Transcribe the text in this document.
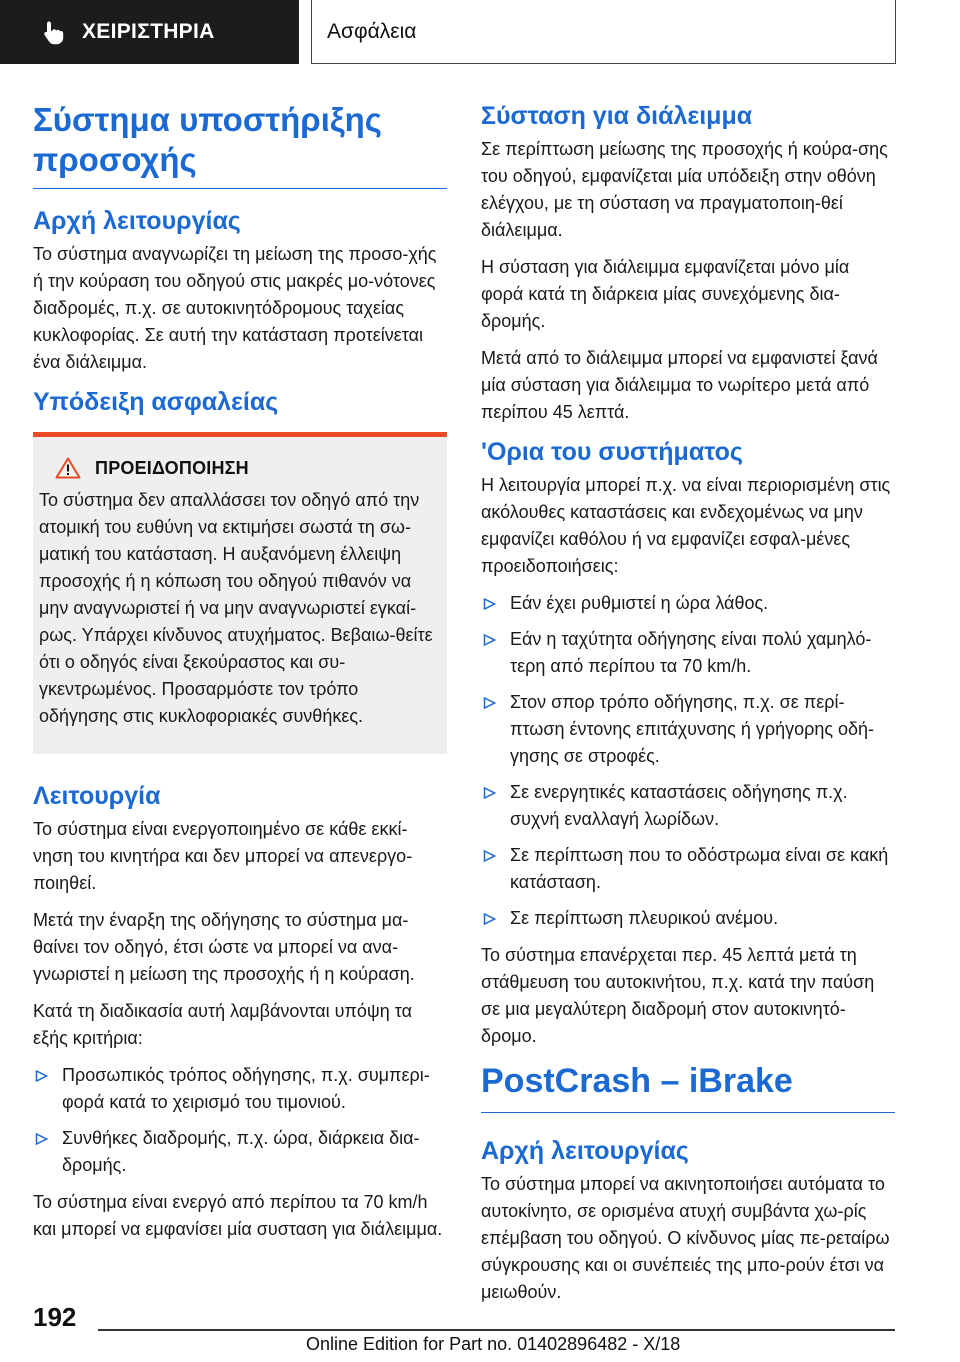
ΧΕΙΡΙΣΤΗΡΙΑ	Ασφάλεια
Σύστημα υποστήριξης προσοχής
Αρχή λειτουργίας

Το σύστημα αναγνωρίζει τη μείωση της προσο-χής ή την κούραση του οδηγού στις μακρές μο-νότονες διαδρομές, π.χ. σε αυτοκινητόδρομους ταχείας κυκλοφορίας. Σε αυτή την κατάσταση προτείνεται ένα διάλειμμα.

Υπόδειξη ασφαλείας
ΠΡΟΕΙΔΟΠΟΙΗΣΗ

Το σύστημα δεν απαλλάσσει τον οδηγό από την ατομική του ευθύνη να εκτιμήσει σωστά τη σω-ματική του κατάσταση. Η αυξανόμενη έλλειψη προσοχής ή η κόπωση του οδηγού πιθανόν να μην αναγνωριστεί ή να μην αναγνωριστεί εγκαί-ρως. Υπάρχει κίνδυνος ατυχήματος. Βεβαιω-θείτε ότι ο οδηγός είναι ξεκούραστος και συ-γκεντρωμένος. Προσαρμόστε τον τρόπο οδήγησης στις κυκλοφοριακές συνθήκες.

Λειτουργία

Το σύστημα είναι ενεργοποιημένο σε κάθε εκκί-νηση του κινητήρα και δεν μπορεί να απενεργο-ποιηθεί.

Μετά την έναρξη της οδήγησης το σύστημα μα-θαίνει τον οδηγό, έτσι ώστε να μπορεί να ανα-γνωριστεί η μείωση της προσοχής ή η κούραση.

Κατά τη διαδικασία αυτή λαμβάνονται υπόψη τα εξής κριτήρια:

Προσωπικός τρόπος οδήγησης, π.χ. συμπερι-φορά κατά το χειρισμό του τιμονιού.
Συνθήκες διαδρομής, π.χ. ώρα, διάρκεια δια-δρομής.

Το σύστημα είναι ενεργό από περίπου τα 70 km/h και μπορεί να εμφανίσει μία συσταση για διάλειμμα.

Σύσταση για διάλειμμα

Σε περίπτωση μείωσης της προσοχής ή κούρα-σης του οδηγού, εμφανίζεται μία υπόδειξη στην οθόνη ελέγχου, με τη σύσταση να πραγματοποιη-θεί διάλειμμα.

Η σύσταση για διάλειμμα εμφανίζεται μόνο μία φορά κατά τη διάρκεια μίας συνεχόμενης δια-δρομής.

Μετά από το διάλειμμα μπορεί να εμφανιστεί ξανά μία σύσταση για διάλειμμα το νωρίτερο μετά από περίπου 45 λεπτά.

'Ορια του συστήματος

Η λειτουργία μπορεί π.χ. να είναι περιορισμένη στις ακόλουθες καταστάσεις και ενδεχομένως να μην εμφανίζει καθόλου ή να εμφανίζει εσφαλ-μένες προειδοποιήσεις:

Εάν έχει ρυθμιστεί η ώρα λάθος.
Εάν η ταχύτητα οδήγησης είναι πολύ χαμηλό-τερη από περίπου τα 70 km/h.
Στον σπορ τρόπο οδήγησης, π.χ. σε περί-πτωση έντονης επιτάχυνσης ή γρήγορης οδή-γησης σε στροφές.
Σε ενεργητικές καταστάσεις οδήγησης π.χ. συχνή εναλλαγή λωρίδων.
Σε περίπτωση που το οδόστρωμα είναι σε κακή κατάσταση.
Σε περίπτωση πλευρικού ανέμου.

Το σύστημα επανέρχεται περ. 45 λεπτά μετά τη στάθμευση του αυτοκινήτου, π.χ. κατά την παύση σε μια μεγαλύτερη διαδρομή στον αυτοκινητό-δρομο.

PostCrash – iBrake
Αρχή λειτουργίας

Το σύστημα μπορεί να ακινητοποιήσει αυτόματα το αυτοκίνητο, σε ορισμένα ατυχή συμβάντα χω-ρίς επέμβαση του οδηγού. Ο κίνδυνος μίας πε-ρεταίρω σύγκρουσης και οι συνέπειές της μπο-ρούν έτσι να μειωθούν.

192
Online Edition for Part no. 01402896482 - X/18
